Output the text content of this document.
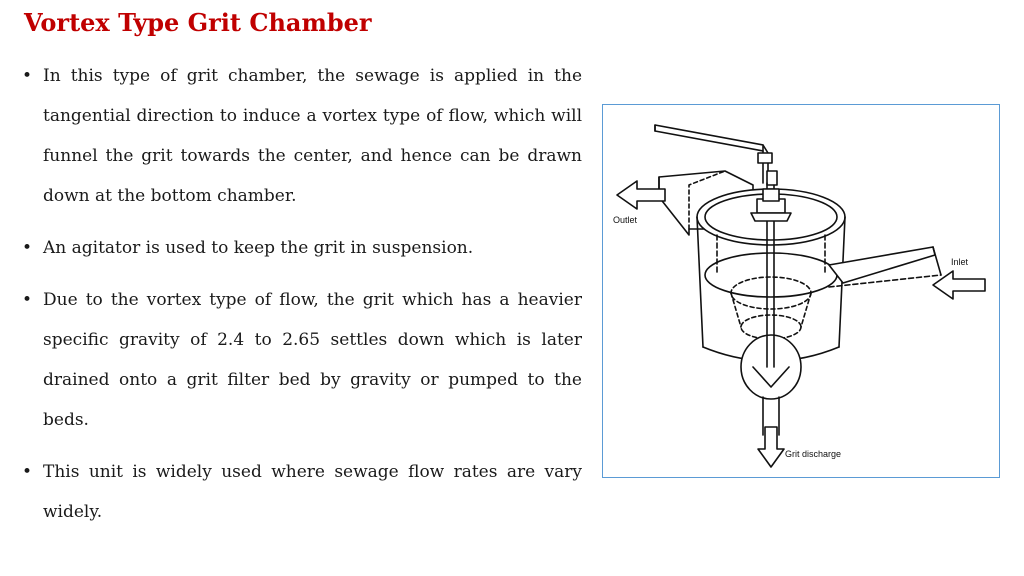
Vortex Type Grit Chamber
• In this type of grit chamber, the sewage is applied in the tangential direction to induce a vortex type of flow, which will funnel the grit towards the center, and hence can be drawn down at the bottom chamber.
• An agitator is used to keep the grit in suspension.
• Due to the vortex type of flow, the grit which has a heavier specific gravity of 2.4 to 2.65 settles down which is later drained onto a grit filter bed by gravity or pumped to the beds.
• This unit is widely used where sewage flow rates are vary widely.
Outlet
Inlet
Grit discharge
